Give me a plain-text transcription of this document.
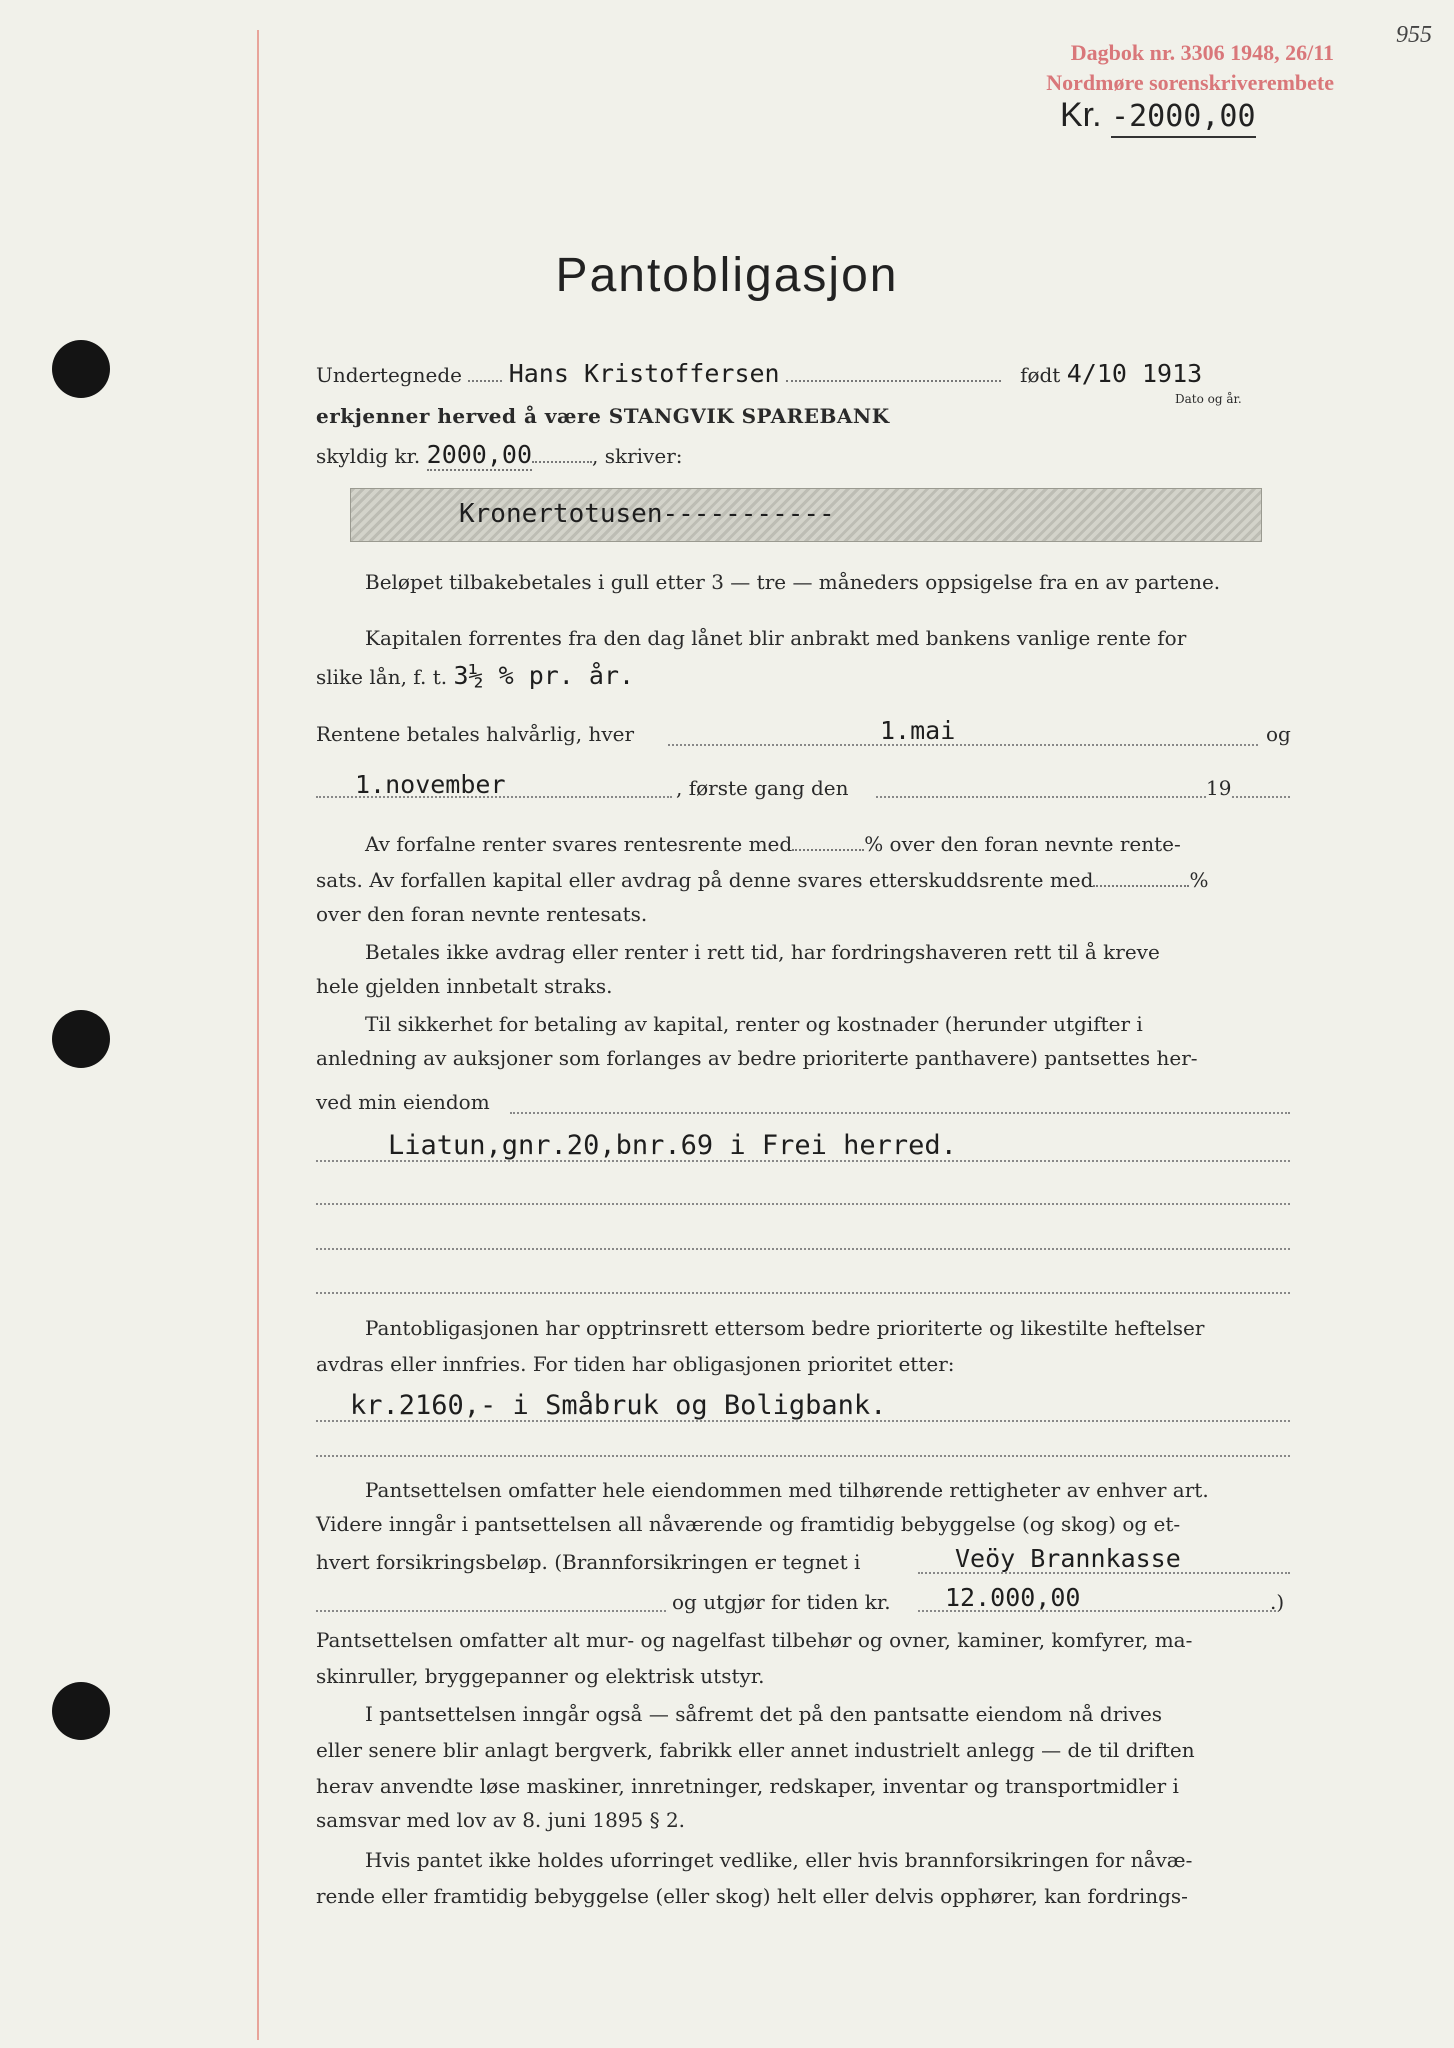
Dagbok nr. 3306 1948, 26/11
Nordmøre sorenskriverembete
955
Kr. -2000,00
Pantobligasjon
Undertegnede Hans Kristoffersen	født 4/10 1913
Dato og år.
erkjenner herved å være STANGVIK SPAREBANK
skyldig kr. 2000,00	, skriver:
Kronertotusen-----------
Beløpet tilbakebetales i gull etter 3 — tre — måneders oppsigelse fra en av partene.
Kapitalen forrentes fra den dag lånet blir anbrakt med bankens vanlige rente for
slike lån, f. t. 3½ % pr. år.
Rentene betales halvårlig, hver	1.mai	og
1.november	, første gang den	19
Av forfalne renter svares rentesrente med	% over den foran nevnte rente-
sats. Av forfallen kapital eller avdrag på denne svares etterskuddsrente med	%
over den foran nevnte rentesats.
Betales ikke avdrag eller renter i rett tid, har fordringshaveren rett til å kreve
hele gjelden innbetalt straks.
Til sikkerhet for betaling av kapital, renter og kostnader (herunder utgifter i
anledning av auksjoner som forlanges av bedre prioriterte panthavere) pantsettes her-
ved min eiendom
Liatun,gnr.20,bnr.69 i Frei herred.
Pantobligasjonen har opptrinsrett ettersom bedre prioriterte og likestilte heftelser
avdras eller innfries. For tiden har obligasjonen prioritet etter:
kr.2160,- i Småbruk og Boligbank.
Pantsettelsen omfatter hele eiendommen med tilhørende rettigheter av enhver art.
Videre inngår i pantsettelsen all nåværende og framtidig bebyggelse (og skog) og et-
hvert forsikringsbeløp. (Brannforsikringen er tegnet i	Veöy Brannkasse
og utgjør for tiden kr. 12.000,00	.)
Pantsettelsen omfatter alt mur- og nagelfast tilbehør og ovner, kaminer, komfyrer, ma-
skinruller, bryggepanner og elektrisk utstyr.
I pantsettelsen inngår også — såfremt det på den pantsatte eiendom nå drives
eller senere blir anlagt bergverk, fabrikk eller annet industrielt anlegg — de til driften
herav anvendte løse maskiner, innretninger, redskaper, inventar og transportmidler i
samsvar med lov av 8. juni 1895 § 2.
Hvis pantet ikke holdes uforringet vedlike, eller hvis brannforsikringen for nåvæ-
rende eller framtidig bebyggelse (eller skog) helt eller delvis opphører, kan fordrings-
